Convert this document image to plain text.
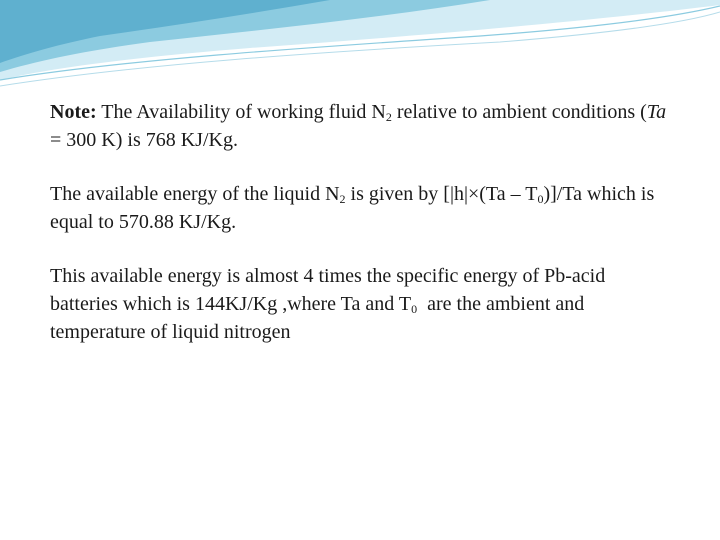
Note: The Availability of working fluid $N_2$ relative to ambient conditions (Ta = 300 K) is 768 KJ/Kg.

The available energy of the liquid $N_2$ is given by $[|h|\times(Ta - T_0)]/Ta$ which is equal to 570.88 KJ/Kg.

This available energy is almost 4 times the specific energy of Pb-acid batteries which is 144KJ/Kg ,where Ta and $T_0$  are the ambient and temperature of liquid nitrogen
